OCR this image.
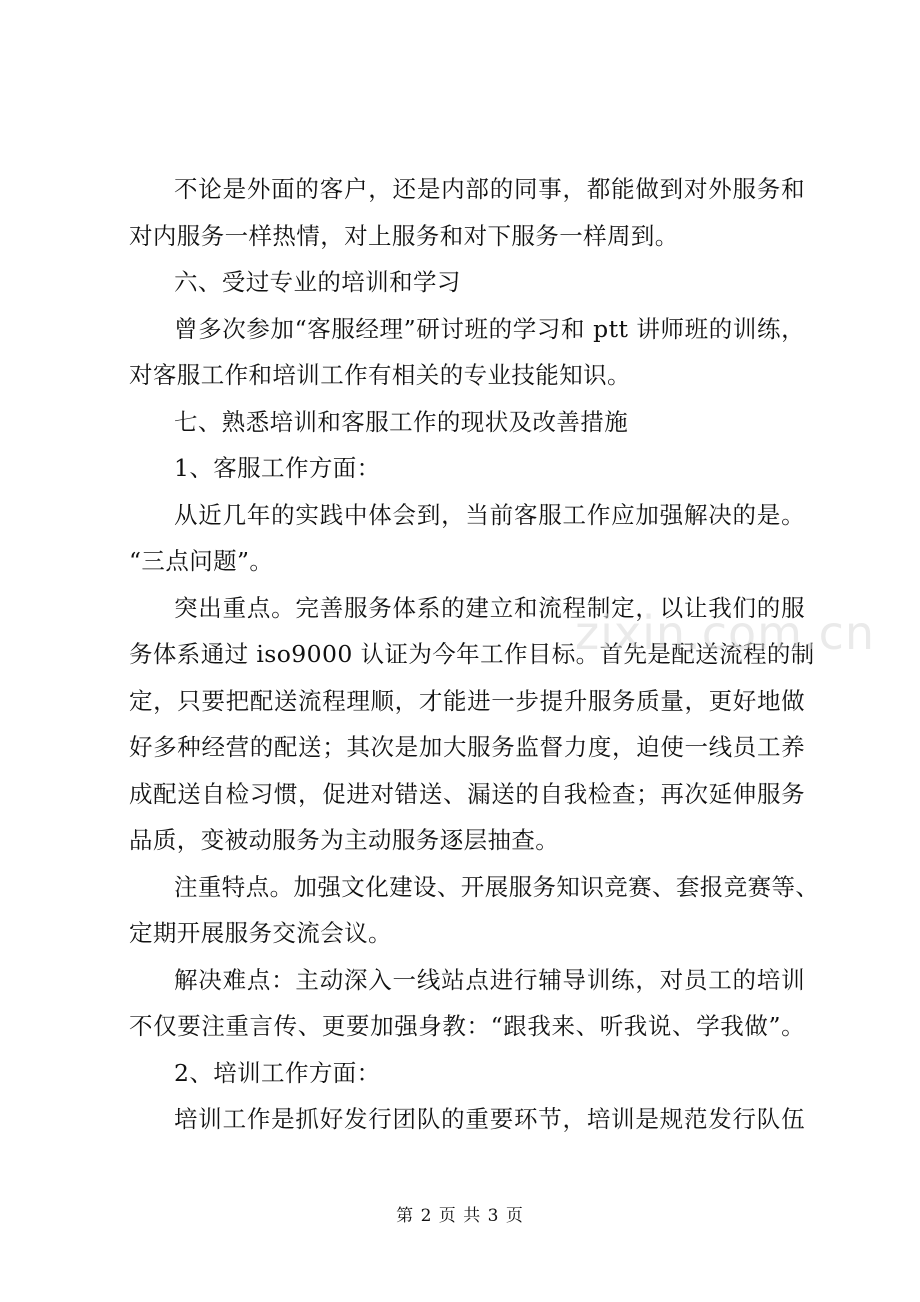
不论是外面的客户，还是内部的同事，都能做到对外服务和
对内服务一样热情，对上服务和对下服务一样周到。
六、受过专业的培训和学习
曾多次参加“客服经理”研讨班的学习和 ptt 讲师班的训练，
对客服工作和培训工作有相关的专业技能知识。
七、熟悉培训和客服工作的现状及改善措施
1、客服工作方面：
从近几年的实践中体会到，当前客服工作应加强解决的是。
“三点问题”。
突出重点。完善服务体系的建立和流程制定，以让我们的服
务体系通过 iso9000 认证为今年工作目标。首先是配送流程的制
定，只要把配送流程理顺，才能进一步提升服务质量，更好地做
好多种经营的配送；其次是加大服务监督力度，迫使一线员工养
成配送自检习惯，促进对错送、漏送的自我检查；再次延伸服务
品质，变被动服务为主动服务逐层抽查。
注重特点。加强文化建设、开展服务知识竞赛、套报竞赛等、
定期开展服务交流会议。
解决难点：主动深入一线站点进行辅导训练，对员工的培训
不仅要注重言传、更要加强身教：“跟我来、听我说、学我做”。
2、培训工作方面：
培训工作是抓好发行团队的重要环节，培训是规范发行队伍
zixin.com.cn
第 2 页 共 3 页
